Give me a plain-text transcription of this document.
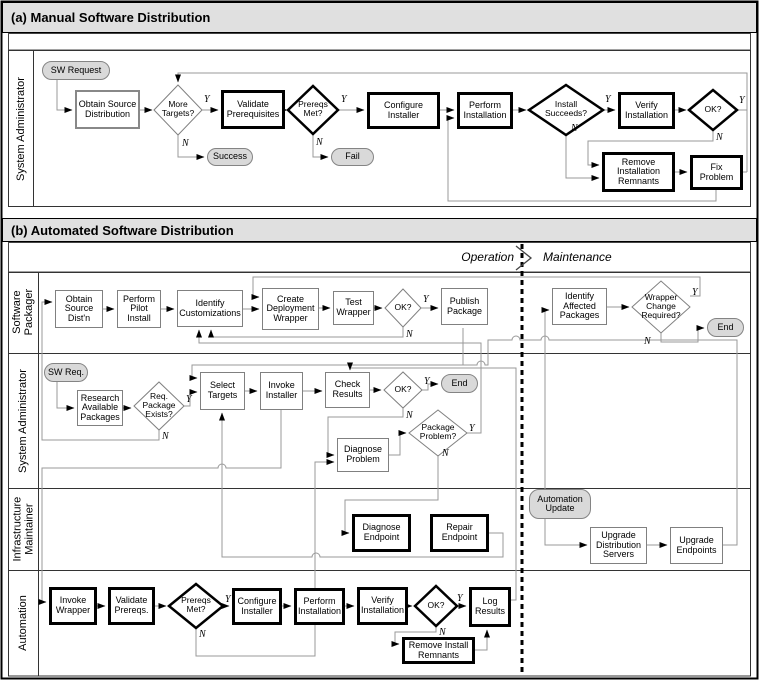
(a) Manual Software Distribution
(b) Automated Software Distribution
Operation Maintenance
System Administrator
Software Packager
System Administrator
Infrastructure Maintainer
Automation
SW Request
Obtain Source Distribution
More Targets?
Success
Validate Prerequisites
Prereqs Met?
Fail
Configure Installer
Perform Installation
Install Succeeds?
Verify Installation
OK?
Remove Installation Remnants
Fix Problem
Obtain Source Dist'n
Perform Pilot Install
Identify Customizations
Create Deployment Wrapper
Test Wrapper	OK?
Publish Package
Identify Affected Packages
Wrapper Change Required?
End
SW Req.
Research Available Packages
Req. Package Exists?
Select Targets
Invoke Installer
Check Results	OK?
End
Diagnose Problem
Package Problem?
Diagnose Endpoint
Repair Endpoint
Automation Update
Upgrade Distribution Servers
Upgrade Endpoints
Invoke Wrapper
Validate Prereqs.
Prereqs Met?
Configure Installer
Perform Installation
Verify Installation	OK?	Log Results
Remove Install Remnants
Y
N
Y
N
Y
N
Y
N
Y
N
Y
N
Y
N
Y
N
Y
N
Y
N
Y
N
